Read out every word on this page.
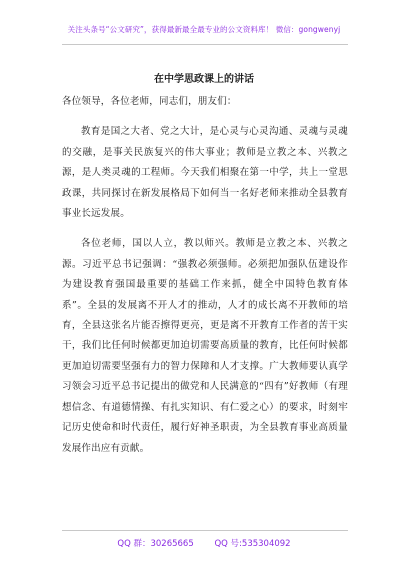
关注头条号“公文研究”，获得最新最全最专业的公文资料库！ 微信：gongwenyj
在中学思政课上的讲话

各位领导，各位老师，同志们，朋友们：

教育是国之大者、党之大计，是心灵与心灵沟通、灵魂与灵魂的交融，是事关民族复兴的伟大事业；教师是立教之本、兴教之源，是人类灵魂的工程师。今天我们相聚在第一中学，共上一堂思政课，共同探讨在新发展格局下如何当一名好老师来推动全县教育事业长远发展。

各位老师，国以人立，教以师兴。教师是立教之本、兴教之源。习近平总书记强调：“强教必须强师。必须把加强队伍建设作为建设教育强国最重要的基础工作来抓，健全中国特色教育体系”。全县的发展离不开人才的推动，人才的成长离不开教师的培育，全县这张名片能否擦得更亮，更是离不开教育工作者的苦干实干，我们比任何时候都更加迫切需要高质量的教育，比任何时候都更加迫切需要坚强有力的智力保障和人才支撑。广大教师要认真学习领会习近平总书记提出的做党和人民满意的“四有”好教师（有理想信念、有道德情操、有扎实知识、有仁爱之心）的要求，时刻牢记历史使命和时代责任，履行好神圣职责，为全县教育事业高质量发展作出应有贡献。

QQ 群：30265665 QQ 号:535304092
